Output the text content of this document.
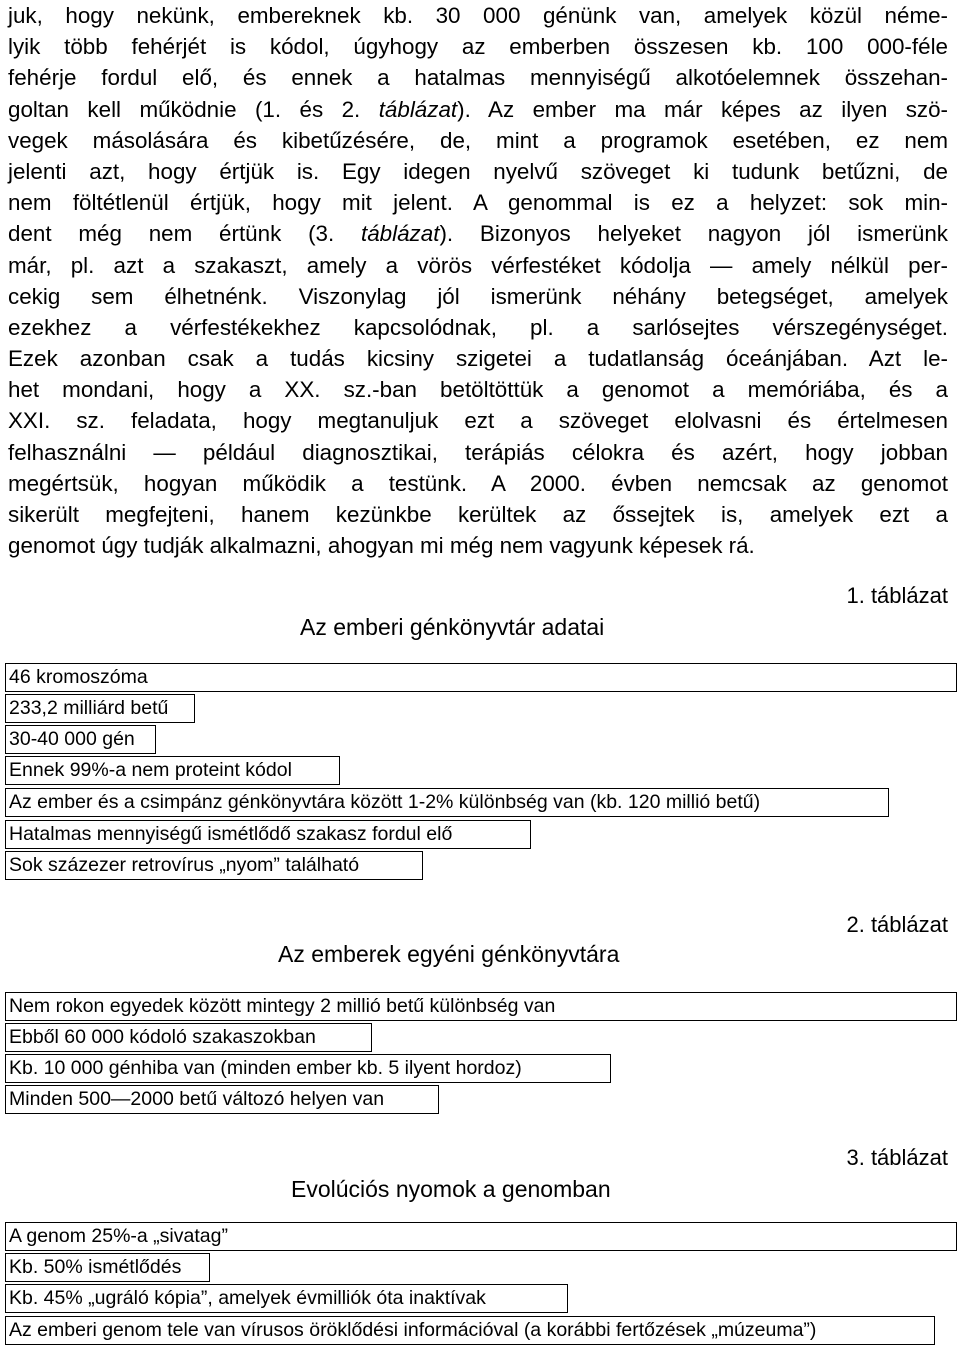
juk, hogy nekünk, embereknek kb. 30 000 génünk van, amelyek közül néme-
lyik több fehérjét is kódol, úgyhogy az emberben összesen kb. 100 000-féle
fehérje fordul elő, és ennek a hatalmas mennyiségű alkotóelemnek összehan-
goltan kell működnie (1. és 2. táblázat). Az ember ma már képes az ilyen szö-
vegek másolására és kibetűzésére, de, mint a programok esetében, ez nem
jelenti azt, hogy értjük is. Egy idegen nyelvű szöveget ki tudunk betűzni, de
nem föltétlenül értjük, hogy mit jelent. A genommal is ez a helyzet: sok min-
dent még nem értünk (3. táblázat). Bizonyos helyeket nagyon jól ismerünk
már, pl. azt a szakaszt, amely a vörös vérfestéket kódolja — amely nélkül per-
cekig sem élhetnénk. Viszonylag jól ismerünk néhány betegséget, amelyek
ezekhez a vérfestékekhez kapcsolódnak, pl. a sarlósejtes vérszegénységet.
Ezek azonban csak a tudás kicsiny szigetei a tudatlanság óceánjában. Azt le-
het mondani, hogy a XX. sz.-ban betöltöttük a genomot a memóriába, és a
XXI. sz. feladata, hogy megtanuljuk ezt a szöveget elolvasni és értelmesen
felhasználni — például diagnosztikai, terápiás célokra és azért, hogy jobban
megértsük, hogyan működik a testünk. A 2000. évben nemcsak az genomot
sikerült megfejteni, hanem kezünkbe kerültek az őssejtek is, amelyek ezt a
genomot úgy tudják alkalmazni, ahogyan mi még nem vagyunk képesek rá.
1. táblázat
Az emberi génkönyvtár adatai
46 kromoszóma
233,2 milliárd betű
30-40 000 gén
Ennek 99%-a nem proteint kódol
Az ember és a csimpánz génkönyvtára között 1-2% különbség van (kb. 120 millió betű)
Hatalmas mennyiségű ismétlődő szakasz fordul elő
Sok százezer retrovírus „nyom” található
2. táblázat
Az emberek egyéni génkönyvtára
Nem rokon egyedek között mintegy 2 millió betű különbség van
Ebből 60 000 kódoló szakaszokban
Kb. 10 000 génhiba van (minden ember kb. 5 ilyent hordoz)
Minden 500—2000 betű változó helyen van
3. táblázat
Evolúciós nyomok a genomban
A genom 25%-a „sivatag”
Kb. 50% ismétlődés
Kb. 45% „ugráló kópia”, amelyek évmilliók óta inaktívak
Az emberi genom tele van vírusos öröklődési információval (a korábbi fertőzések „múzeuma”)
